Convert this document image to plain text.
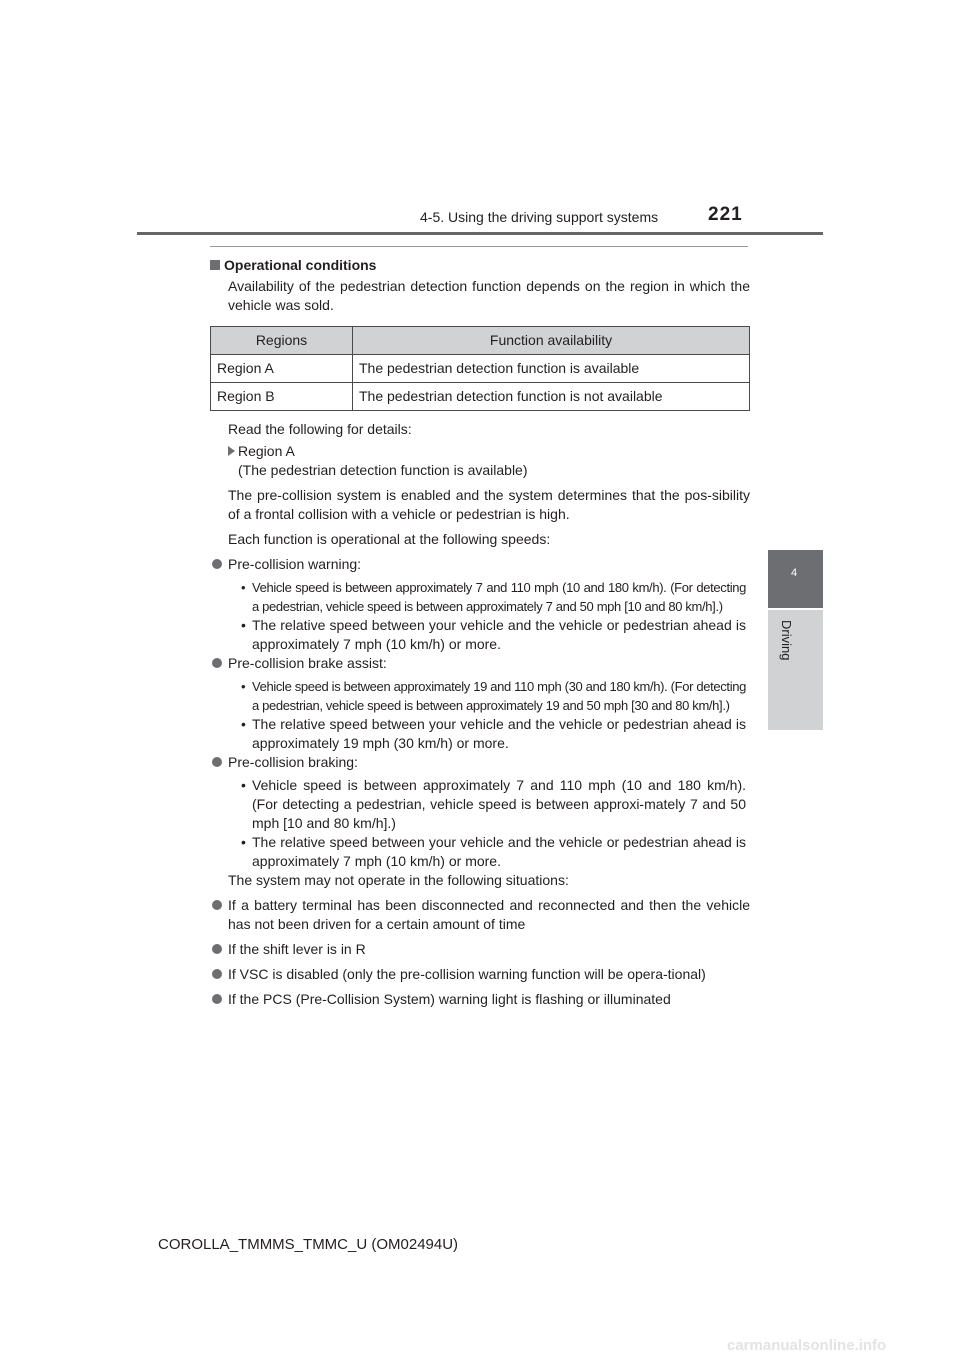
4-5. Using the driving support systems	221
4
Driving

Operational conditions

Availability of the pedestrian detection function depends on the region in which the vehicle was sold.

Regions	Function availability
Region A	The pedestrian detection function is available
Region B	The pedestrian detection function is not available

Read the following for details:

Region A
(The pedestrian detection function is available)

The pre-collision system is enabled and the system determines that the pos-sibility of a frontal collision with a vehicle or pedestrian is high.

Each function is operational at the following speeds:

Pre-collision warning:
• Vehicle speed is between approximately 7 and 110 mph (10 and 180 km/h). (For detecting a pedestrian, vehicle speed is between approximately 7 and 50 mph [10 and 80 km/h].)
• The relative speed between your vehicle and the vehicle or pedestrian ahead is approximately 7 mph (10 km/h) or more.
Pre-collision brake assist:
• Vehicle speed is between approximately 19 and 110 mph (30 and 180 km/h). (For detecting a pedestrian, vehicle speed is between approximately 19 and 50 mph [30 and 80 km/h].)
• The relative speed between your vehicle and the vehicle or pedestrian ahead is approximately 19 mph (30 km/h) or more.
Pre-collision braking:
• Vehicle speed is between approximately 7 and 110 mph (10 and 180 km/h). (For detecting a pedestrian, vehicle speed is between approxi-mately 7 and 50 mph [10 and 80 km/h].)
• The relative speed between your vehicle and the vehicle or pedestrian ahead is approximately 7 mph (10 km/h) or more.

The system may not operate in the following situations:

If a battery terminal has been disconnected and reconnected and then the vehicle has not been driven for a certain amount of time
If the shift lever is in R
If VSC is disabled (only the pre-collision warning function will be opera-tional)
If the PCS (Pre-Collision System) warning light is flashing or illuminated
COROLLA_TMMMS_TMMC_U (OM02494U)
carmanualsonline.info
